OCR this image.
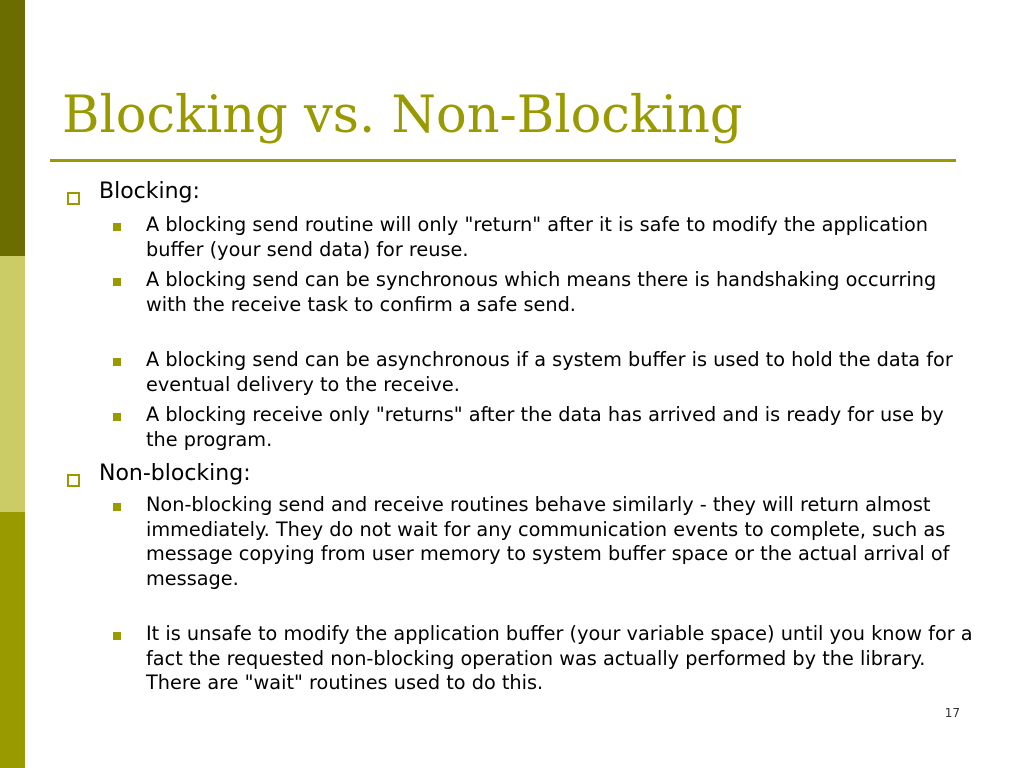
Blocking vs. Non-Blocking
Blocking:
A blocking send routine will only "return" after it is safe to modify the application buffer (your send data) for reuse.
A blocking send can be synchronous which means there is handshaking occurring with the receive task to confirm a safe send.
A blocking send can be asynchronous if a system buffer is used to hold the data for eventual delivery to the receive.
A blocking receive only "returns" after the data has arrived and is ready for use by the program.
Non-blocking:
Non-blocking send and receive routines behave similarly - they will return almost immediately. They do not wait for any communication events to complete, such as message copying from user memory to system buffer space or the actual arrival of message.
It is unsafe to modify the application buffer (your variable space) until you know for a fact the requested non-blocking operation was actually performed by the library. There are "wait" routines used to do this.
17
